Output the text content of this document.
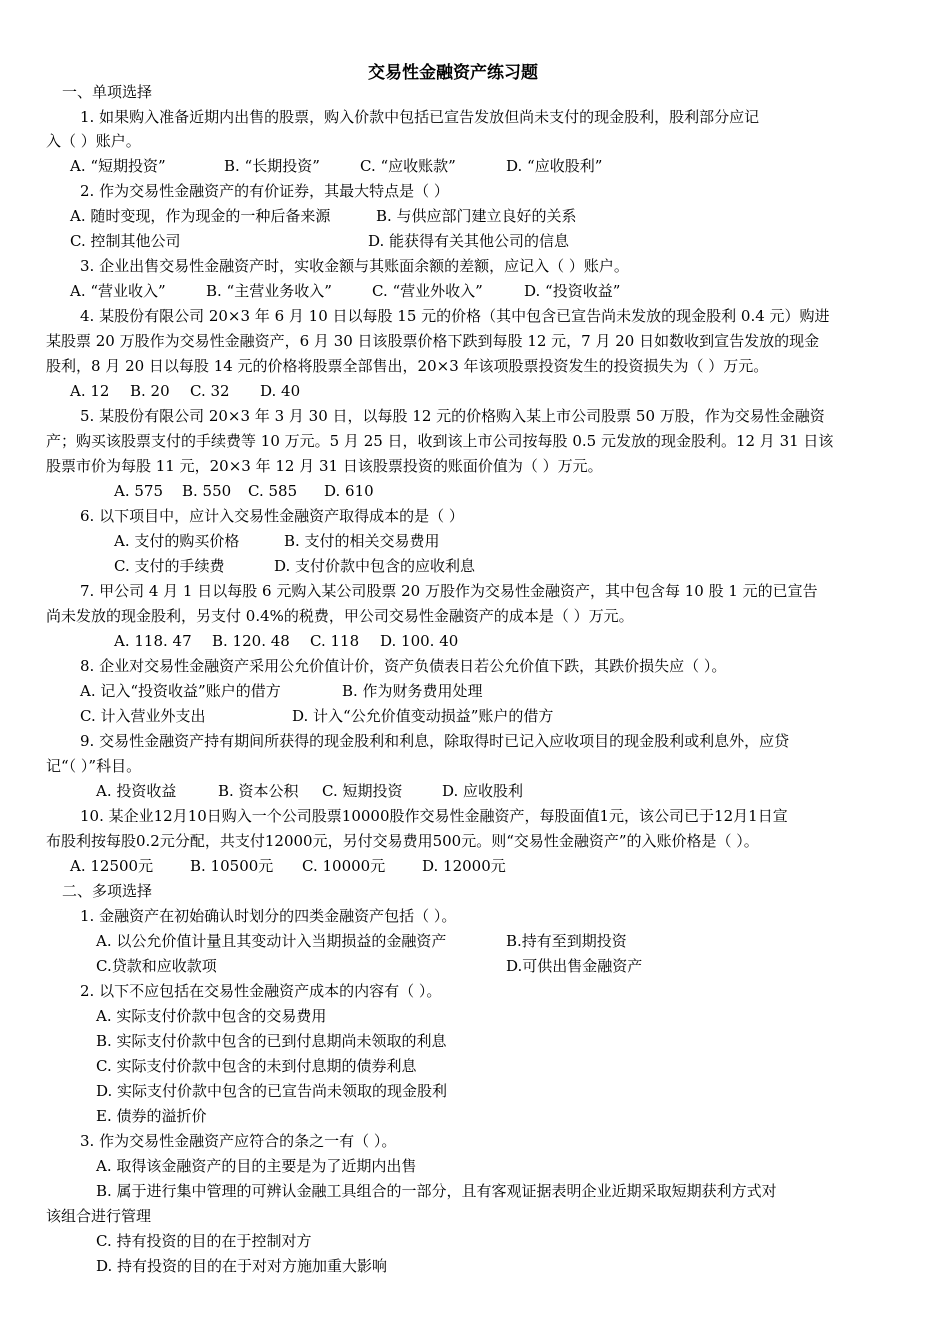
交易性金融资产练习题

一、单项选择

1. 如果购入准备近期内出售的股票，购入价款中包括已宣告发放但尚未支付的现金股利，股利部分应记

入（ ）账户。

A. “短期投资”	B. “长期投资”	C. “应收账款”	D. “应收股利”

2. 作为交易性金融资产的有价证券，其最大特点是（ ）

A. 随时变现，作为现金的一种后备来源	B. 与供应部门建立良好的关系

C. 控制其他公司	D. 能获得有关其他公司的信息

3. 企业出售交易性金融资产时，实收金额与其账面余额的差额，应记入（ ）账户。

A. “营业收入”	B. “主营业务收入”	C. “营业外收入”	D. “投资收益”

4. 某股份有限公司 20×3 年 6 月 10 日以每股 15 元的价格（其中包含已宣告尚未发放的现金股利 0.4 元）购进

某股票 20 万股作为交易性金融资产，6 月 30 日该股票价格下跌到每股 12 元，7 月 20 日如数收到宣告发放的现金

股利，8 月 20 日以每股 14 元的价格将股票全部售出，20×3 年该项股票投资发生的投资损失为（ ）万元。

A. 12 B. 20 C. 32 D. 40

5. 某股份有限公司 20×3 年 3 月 30 日，以每股 12 元的价格购入某上市公司股票 50 万股，作为交易性金融资

产；购买该股票支付的手续费等 10 万元。5 月 25 日，收到该上市公司按每股 0.5 元发放的现金股利。12 月 31 日该

股票市价为每股 11 元，20×3 年 12 月 31 日该股票投资的账面价值为（ ）万元。

A. 575 B. 550 C. 585 D. 610

6. 以下项目中，应计入交易性金融资产取得成本的是（ ）

A. 支付的购买价格	B. 支付的相关交易费用

C. 支付的手续费	D. 支付价款中包含的应收利息

7. 甲公司 4 月 1 日以每股 6 元购入某公司股票 20 万股作为交易性金融资产，其中包含每 10 股 1 元的已宣告

尚未发放的现金股利，另支付 0.4%的税费，甲公司交易性金融资产的成本是（ ）万元。

A. 118. 47 B. 120. 48 C. 118 D. 100. 40

8. 企业对交易性金融资产采用公允价值计价，资产负债表日若公允价值下跌，其跌价损失应（ ）。

A. 记入“投资收益”账户的借方	B. 作为财务费用处理

C. 计入营业外支出	D. 计入“公允价值变动损益”账户的借方

9. 交易性金融资产持有期间所获得的现金股利和利息，除取得时已记入应收项目的现金股利或利息外，应贷

记“（ ）”科目。

A. 投资收益	B. 资本公积 C. 短期投资	D. 应收股利

10. 某企业12月10日购入一个公司股票10000股作交易性金融资产，每股面值1元，该公司已于12月1日宣

布股利按每股0.2元分配，共支付12000元，另付交易费用500元。则“交易性金融资产”的入账价格是（ ）。

A. 12500元 B. 10500元 C. 10000元 D. 12000元

二、多项选择

1. 金融资产在初始确认时划分的四类金融资产包括（ ）。

A. 以公允价值计量且其变动计入当期损益的金融资产	B.持有至到期投资

C.贷款和应收款项	D.可供出售金融资产

2. 以下不应包括在交易性金融资产成本的内容有（ ）。

A. 实际支付价款中包含的交易费用

B. 实际支付价款中包含的已到付息期尚未领取的利息

C. 实际支付价款中包含的未到付息期的债券利息

D. 实际支付价款中包含的已宣告尚未领取的现金股利

E. 债券的溢折价

3. 作为交易性金融资产应符合的条之一有（ ）。

A. 取得该金融资产的目的主要是为了近期内出售

B. 属于进行集中管理的可辨认金融工具组合的一部分，且有客观证据表明企业近期采取短期获利方式对

该组合进行管理

C. 持有投资的目的在于控制对方

D. 持有投资的目的在于对对方施加重大影响
